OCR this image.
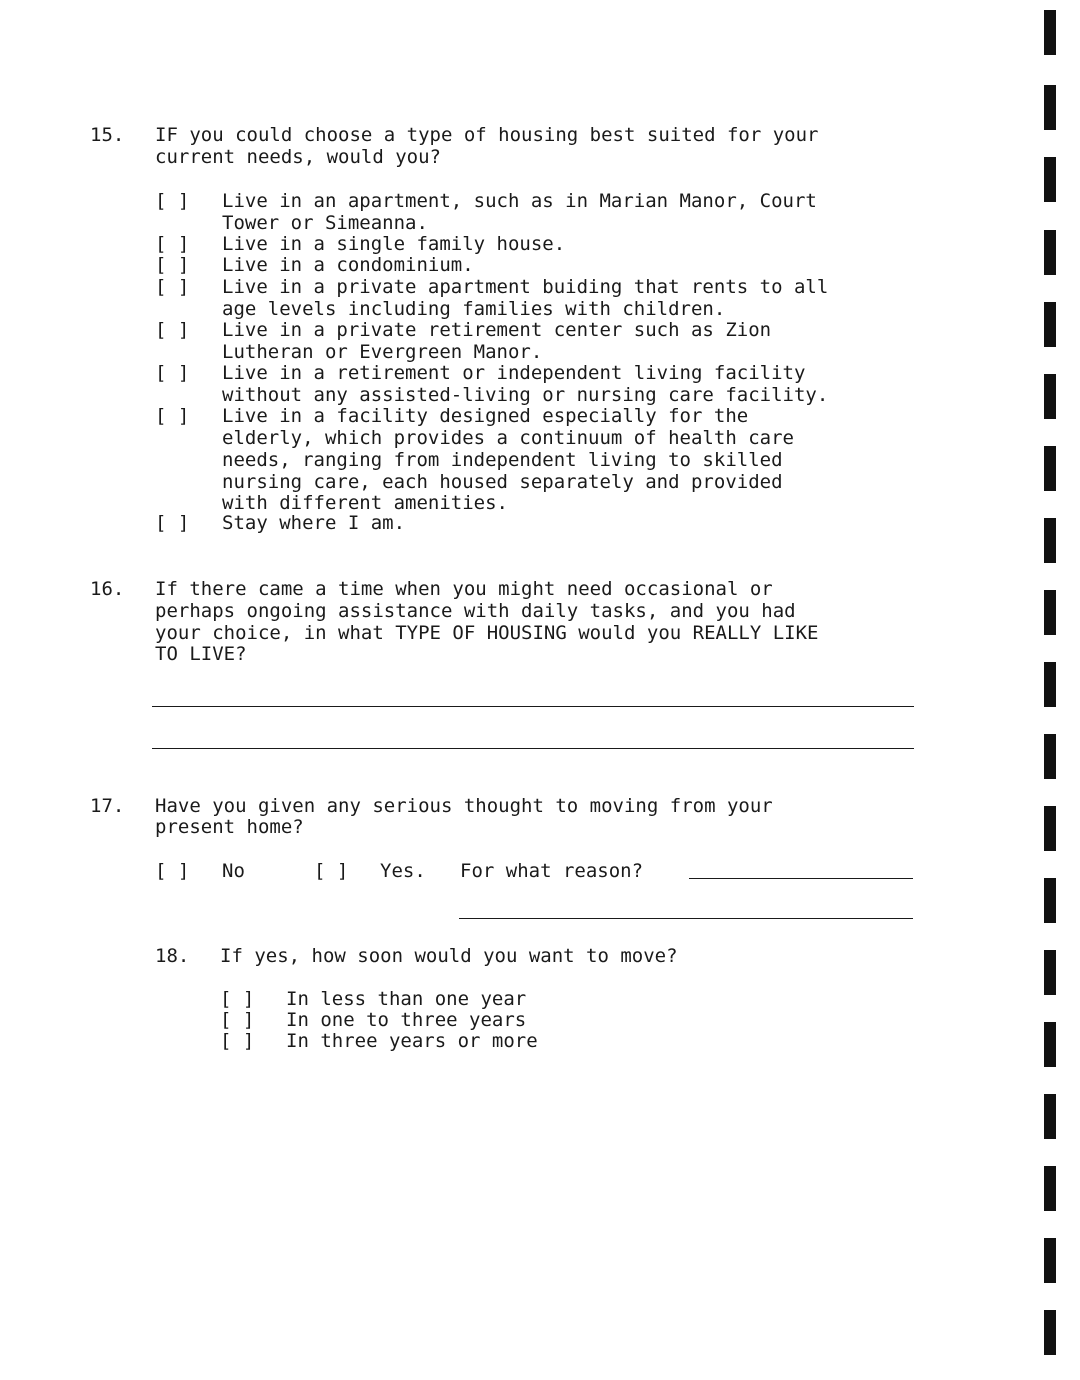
15. IF you could choose a type of housing best suited for your
current needs, would you?
[ ] Live in an apartment, such as in Marian Manor, Court
Tower or Simeanna.
[ ] Live in a single family house.
[ ] Live in a condominium.
[ ] Live in a private apartment buiding that rents to all
age levels including families with children.
[ ] Live in a private retirement center such as Zion
Lutheran or Evergreen Manor.
[ ] Live in a retirement or independent living facility
without any assisted-living or nursing care facility.
[ ] Live in a facility designed especially for the
elderly, which provides a continuum of health care
needs, ranging from independent living to skilled
nursing care, each housed separately and provided
with different amenities.
[ ] Stay where I am.
16. If there came a time when you might need occasional or
perhaps ongoing assistance with daily tasks, and you had
your choice, in what TYPE OF HOUSING would you REALLY LIKE
TO LIVE?
17. Have you given any serious thought to moving from your
present home?
[ ] No	[ ] Yes. For what reason?
18. If yes, how soon would you want to move?
[ ] In less than one year
[ ] In one to three years
[ ] In three years or more
